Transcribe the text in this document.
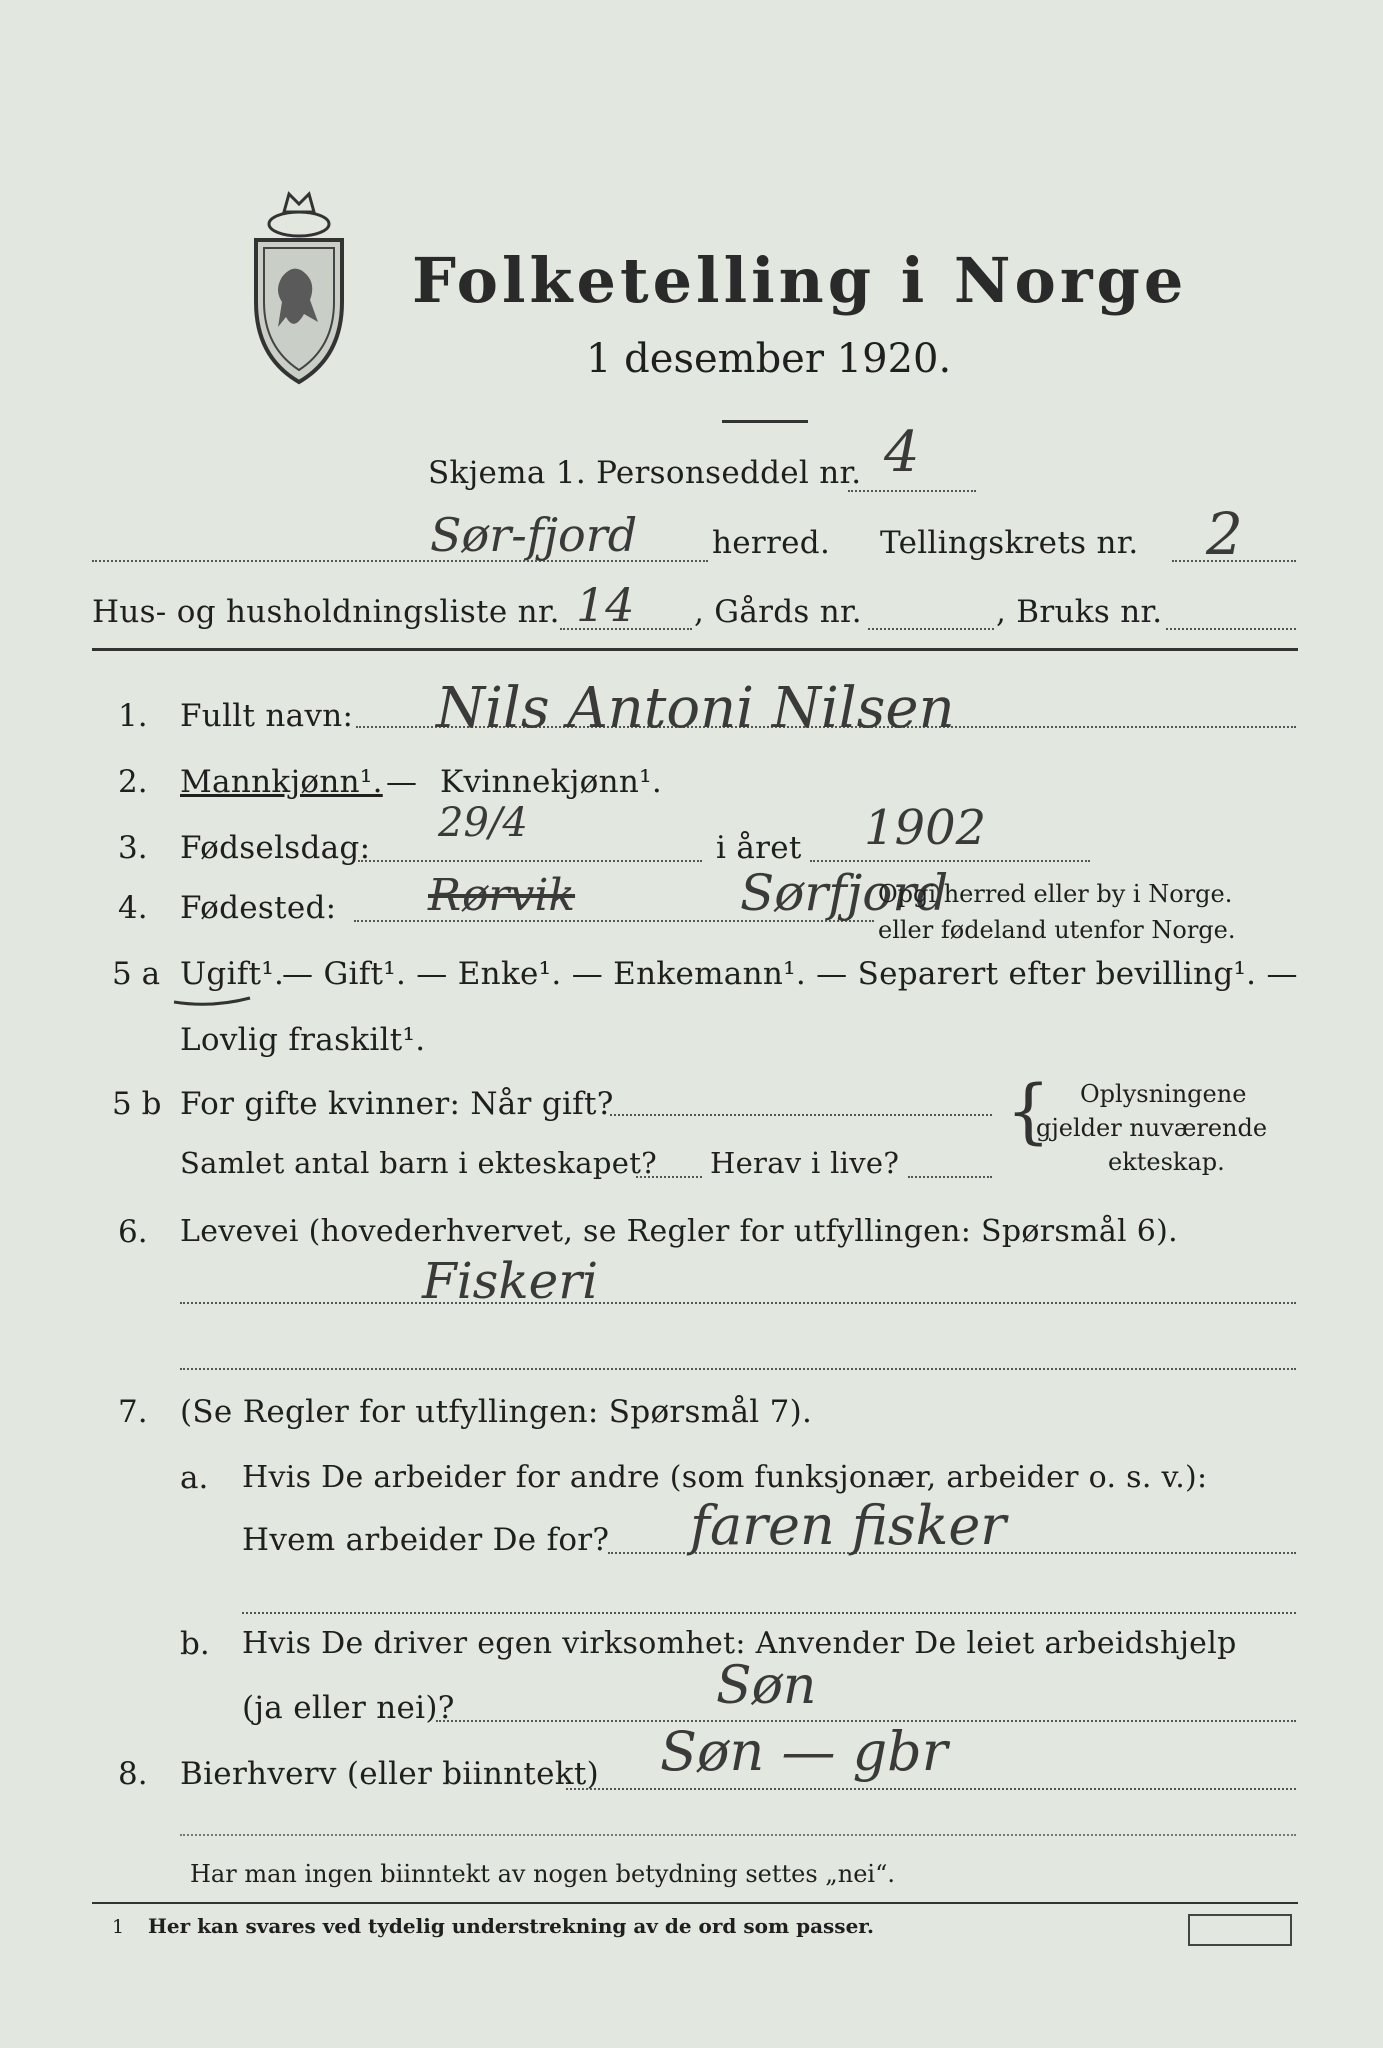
Folketelling i Norge
1 desember 1920.
Skjema 1. Personseddel nr. 4
Sør-fjord herred. Tellingskrets nr. 2
Hus- og husholdningsliste nr. 14 , Gårds nr.	, Bruks nr.
1. Fullt navn: Nils Antoni Nilsen
2. Mannkjønn¹. — Kvinnekjønn¹.
3. Fødselsdag:
29/4
i året 1902
4. Fødested: Rørvik	Sørfjord
Opgi herred eller by i Norge.
eller fødeland utenfor Norge.
5 a Ugift¹.
— Gift¹. — Enke¹. — Enkemann¹. — Separert efter bevilling¹. —
Lovlig fraskilt¹.
5 b For gifte kvinner: Når gift?
Samlet antal barn i ekteskapet? Herav i live?
{ Oplysningene
gjelder nuværende
ekteskap.
6. Levevei (hovederhvervet, se Regler for utfyllingen: Spørsmål 6).
Fiskeri
7. (Se Regler for utfyllingen: Spørsmål 7).
a. Hvis De arbeider for andre (som funksjonær, arbeider o. s. v.):
Hvem arbeider De for? faren fisker
b. Hvis De driver egen virksomhet: Anvender De leiet arbeidshjelp
(ja eller nei)?	Søn
8. Bierhverv (eller biinntekt) Søn — gbr
Har man ingen biinntekt av nogen betydning settes „nei“.
1 Her kan svares ved tydelig understrekning av de ord som passer.
